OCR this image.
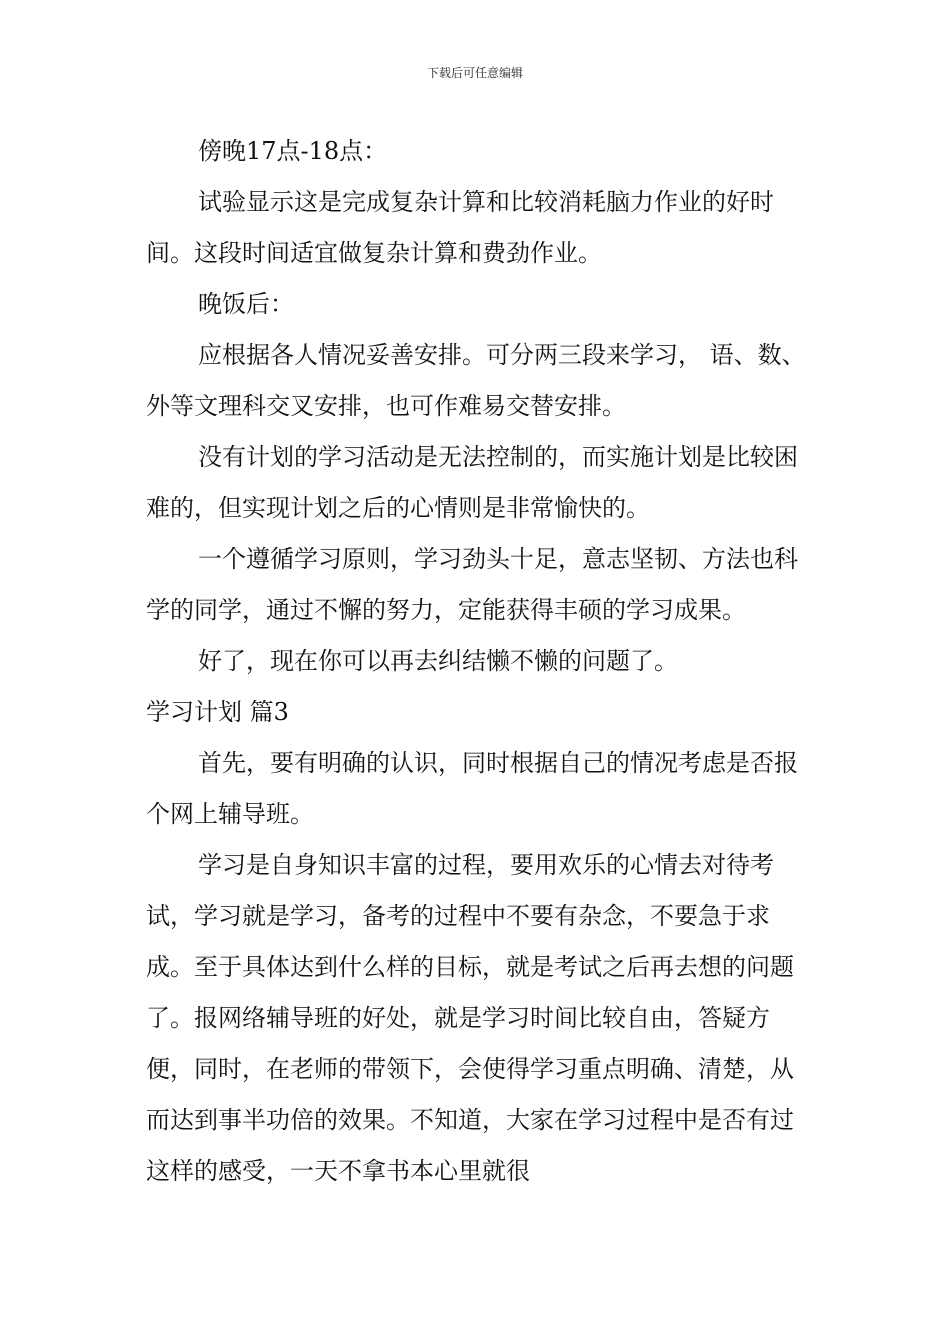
下载后可任意编辑

傍晚17点-18点：

试验显示这是完成复杂计算和比较消耗脑力作业的好时间。这段时间适宜做复杂计算和费劲作业。

晚饭后：

应根据各人情况妥善安排。可分两三段来学习， 语、数、外等文理科交叉安排，也可作难易交替安排。

没有计划的学习活动是无法控制的，而实施计划是比较困难的，但实现计划之后的心情则是非常愉快的。

一个遵循学习原则，学习劲头十足，意志坚韧、方法也科学的同学，通过不懈的努力，定能获得丰硕的学习成果。

好了，现在你可以再去纠结懒不懒的问题了。

学习计划 篇3

首先，要有明确的认识，同时根据自己的情况考虑是否报个网上辅导班。

学习是自身知识丰富的过程，要用欢乐的心情去对待考试，学习就是学习，备考的过程中不要有杂念，不要急于求成。至于具体达到什么样的目标，就是考试之后再去想的问题了。报网络辅导班的好处，就是学习时间比较自由，答疑方便，同时，在老师的带领下，会使得学习重点明确、清楚，从而达到事半功倍的效果。不知道，大家在学习过程中是否有过这样的感受，一天不拿书本心里就很
